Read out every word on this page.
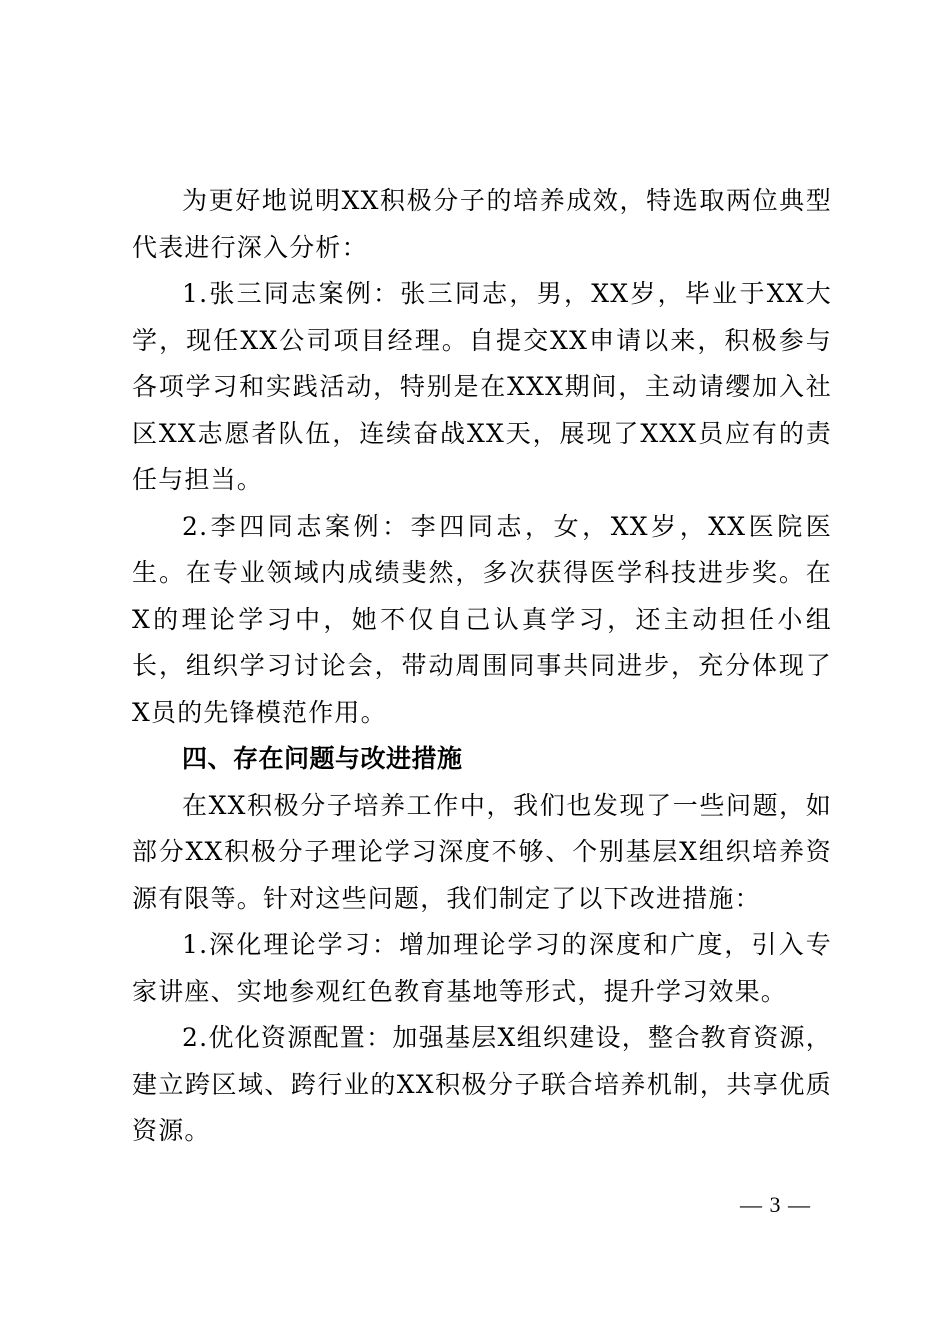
为更好地说明XX积极分子的培养成效，特选取两位典型代表进行深入分析：

1.张三同志案例：张三同志，男，XX岁，毕业于XX大学，现任XX公司项目经理。自提交XX申请以来，积极参与各项学习和实践活动，特别是在XXX期间，主动请缨加入社区XX志愿者队伍，连续奋战XX天，展现了XXX员应有的责任与担当。

2.李四同志案例：李四同志，女，XX岁，XX医院医生。在专业领域内成绩斐然，多次获得医学科技进步奖。在X的理论学习中，她不仅自己认真学习，还主动担任小组长，组织学习讨论会，带动周围同事共同进步，充分体现了X员的先锋模范作用。

四、存在问题与改进措施

在XX积极分子培养工作中，我们也发现了一些问题，如部分XX积极分子理论学习深度不够、个别基层X组织培养资源有限等。针对这些问题，我们制定了以下改进措施：

1.深化理论学习：增加理论学习的深度和广度，引入专家讲座、实地参观红色教育基地等形式，提升学习效果。

2.优化资源配置：加强基层X组织建设，整合教育资源，建立跨区域、跨行业的XX积极分子联合培养机制，共享优质资源。

— 3 —
